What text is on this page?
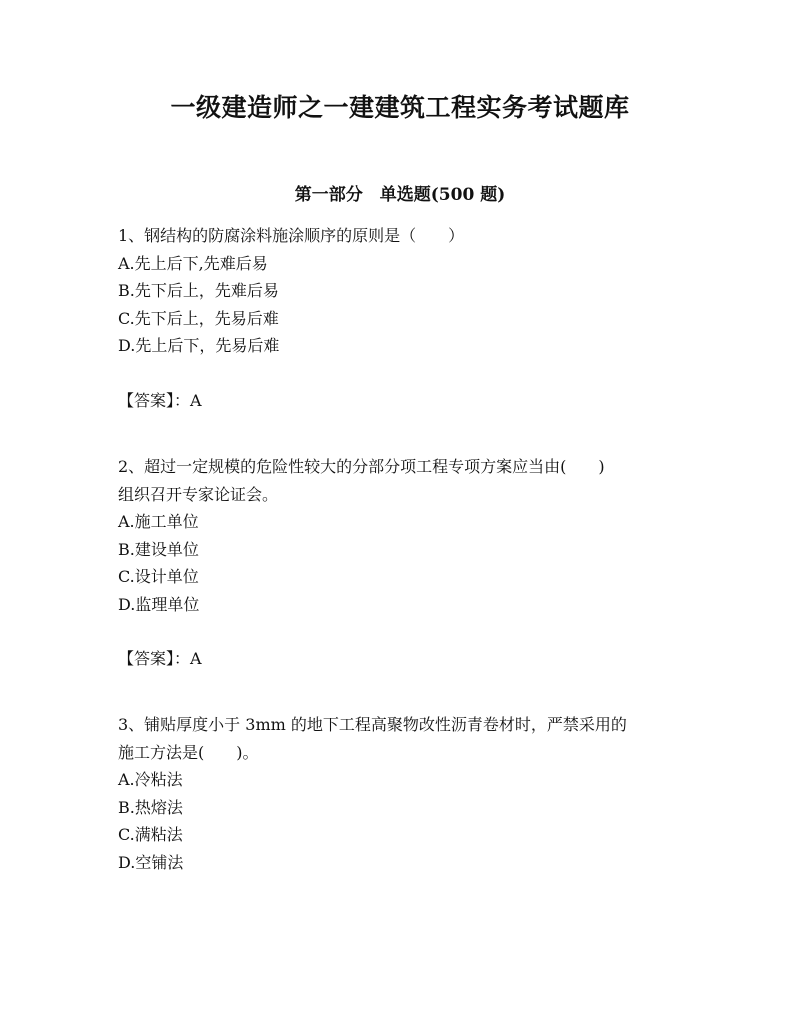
一级建造师之一建建筑工程实务考试题库
第一部分　单选题(500 题)
1、钢结构的防腐涂料施涂顺序的原则是（　　）
A.先上后下,先难后易
B.先下后上，先难后易
C.先下后上，先易后难
D.先上后下，先易后难
【答案】：A
2、超过一定规模的危险性较大的分部分项工程专项方案应当由(　　)
组织召开专家论证会。
A.施工单位
B.建设单位
C.设计单位
D.监理单位
【答案】：A
3、铺贴厚度小于 3mm 的地下工程高聚物改性沥青卷材时，严禁采用的
施工方法是(　　)。
A.冷粘法
B.热熔法
C.满粘法
D.空铺法
